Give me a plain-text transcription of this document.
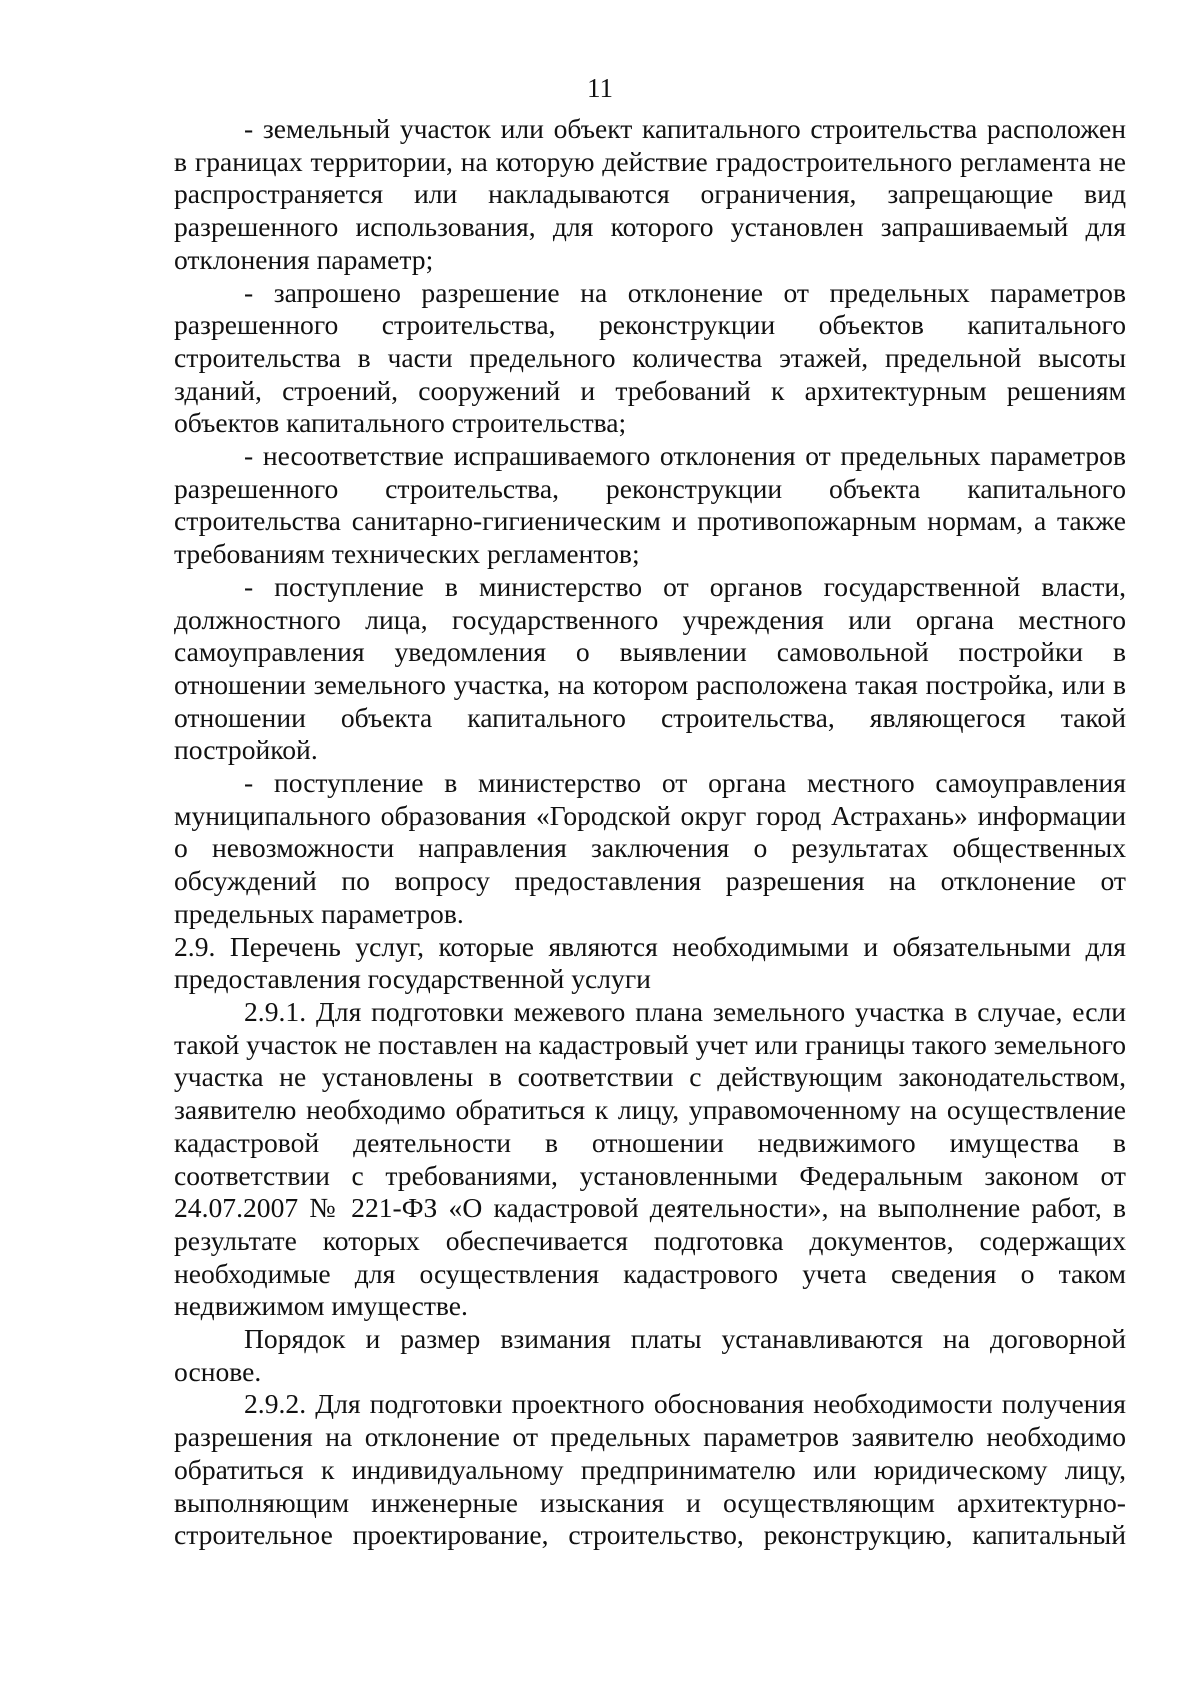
11

- земельный участок или объект капитального строительства расположен в границах территории, на которую действие градостроительного регламента не распространяется или накладываются ограничения, запрещающие вид разрешенного использования, для которого установлен запрашиваемый для отклонения параметр;

- запрошено разрешение на отклонение от предельных параметров разрешенного строительства, реконструкции объектов капитального строительства в части предельного количества этажей, предельной высоты зданий, строений, сооружений и требований к архитектурным решениям объектов капитального строительства;

- несоответствие испрашиваемого отклонения от предельных параметров разрешенного строительства, реконструкции объекта капитального строительства санитарно-гигиеническим и противопожарным нормам, а также требованиям технических регламентов;

- поступление в министерство от органов государственной власти, должностного лица, государственного учреждения или органа местного самоуправления уведомления о выявлении самовольной постройки в отношении земельного участка, на котором расположена такая постройка, или в отношении объекта капитального строительства, являющегося такой постройкой.

- поступление в министерство от органа местного самоуправления муниципального образования «Городской округ город Астрахань» информации о невозможности направления заключения о результатах общественных обсуждений по вопросу предоставления разрешения на отклонение от предельных параметров.

2.9. Перечень услуг, которые являются необходимыми и обязательными для предоставления государственной услуги

2.9.1. Для подготовки межевого плана земельного участка в случае, если такой участок не поставлен на кадастровый учет или границы такого земельного участка не установлены в соответствии с действующим законодательством, заявителю необходимо обратиться к лицу, управомоченному на осуществление кадастровой деятельности в отношении недвижимого имущества в соответствии с требованиями, установленными Федеральным законом от 24.07.2007 № 221-ФЗ «О кадастровой деятельности», на выполнение работ, в результате которых обеспечивается подготовка документов, содержащих необходимые для осуществления кадастрового учета сведения о таком недвижимом имуществе.

Порядок и размер взимания платы устанавливаются на договорной основе.

2.9.2. Для подготовки проектного обоснования необходимости получения разрешения на отклонение от предельных параметров заявителю необходимо обратиться к индивидуальному предпринимателю или юридическому лицу, выполняющим инженерные изыскания и осуществляющим архитектурно-строительное проектирование, строительство, реконструкцию, капитальный
